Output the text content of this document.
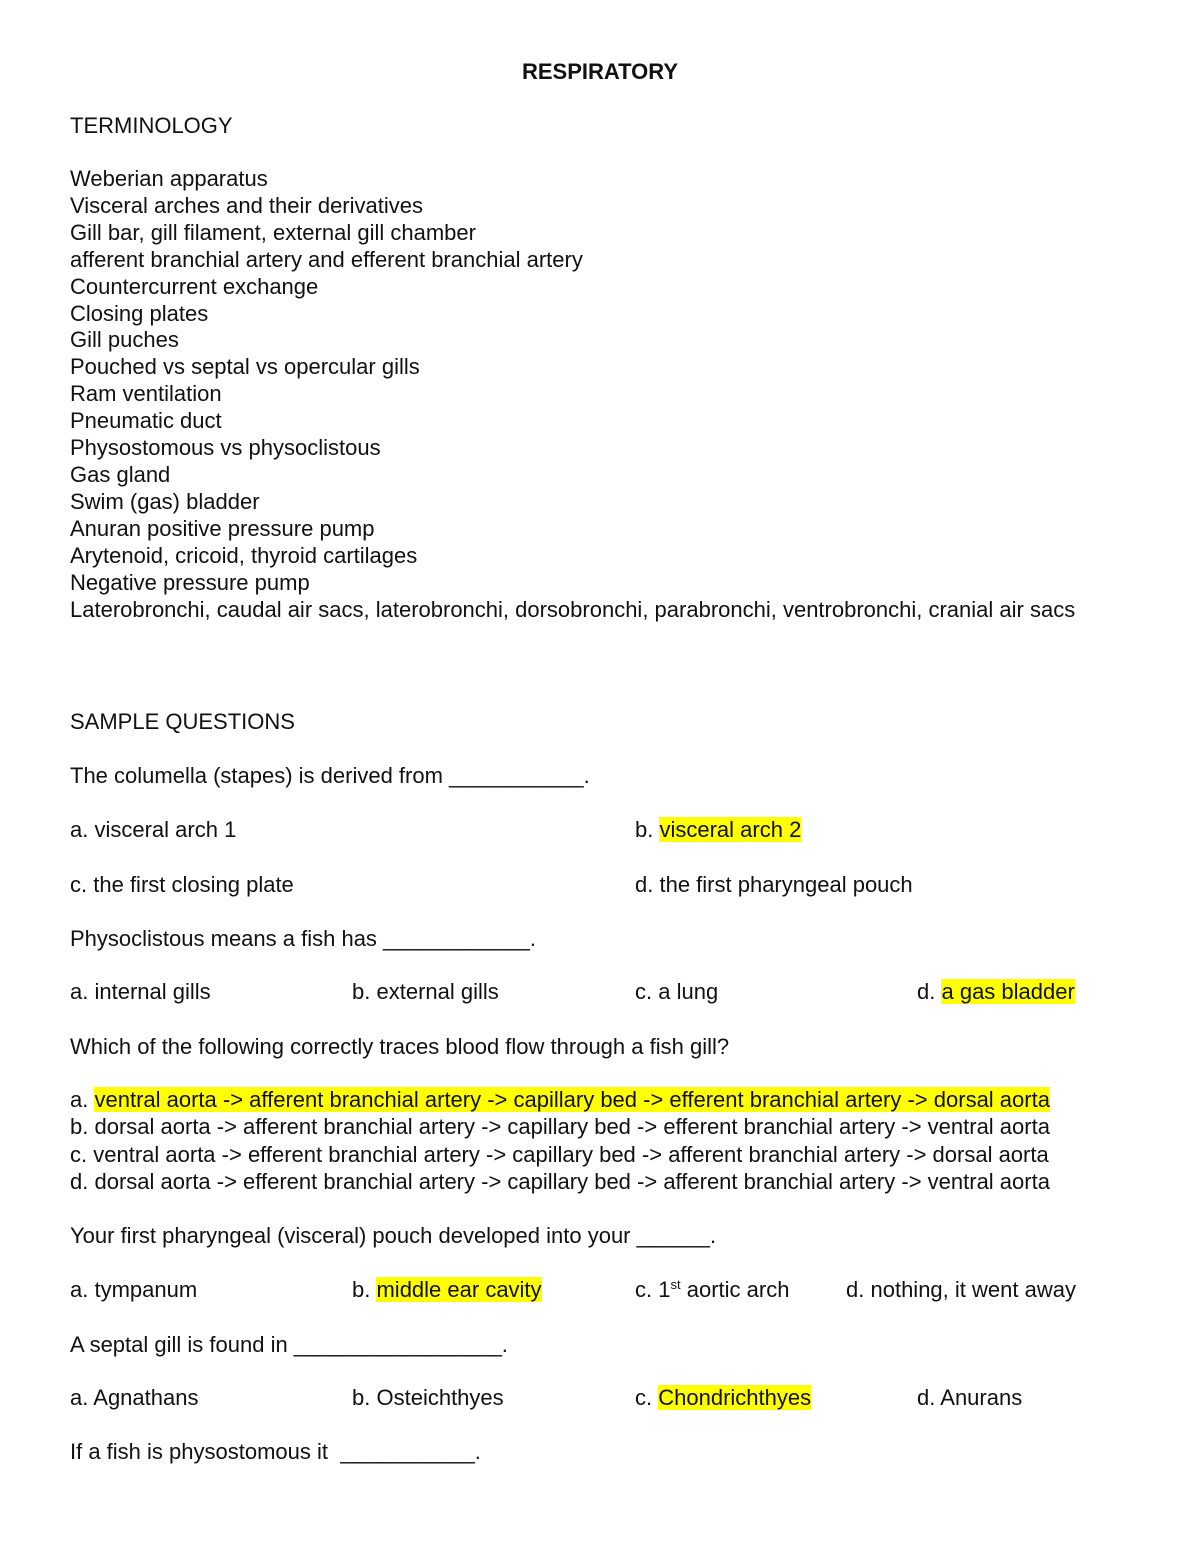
RESPIRATORY
TERMINOLOGY
Weberian apparatus
Visceral arches and their derivatives
Gill bar, gill filament, external gill chamber
afferent branchial artery and efferent branchial artery
Countercurrent exchange
Closing plates
Gill puches
Pouched vs septal vs opercular gills
Ram ventilation
Pneumatic duct
Physostomous vs physoclistous
Gas gland
Swim (gas) bladder
Anuran positive pressure pump
Arytenoid, cricoid, thyroid cartilages
Negative pressure pump
Laterobronchi, caudal air sacs, laterobronchi, dorsobronchi, parabronchi, ventrobronchi, cranial air sacs
SAMPLE QUESTIONS
The columella (stapes) is derived from ___________.
a. visceral arch 1	b. visceral arch 2
c. the first closing plate	d. the first pharyngeal pouch
Physoclistous means a fish has ____________.
a. internal gills	b. external gills	c. a lung	d. a gas bladder
Which of the following correctly traces blood flow through a fish gill?
a. ventral aorta -> afferent branchial artery -> capillary bed -> efferent branchial artery -> dorsal aorta
b. dorsal aorta -> afferent branchial artery -> capillary bed -> efferent branchial artery -> ventral aorta
c. ventral aorta -> efferent branchial artery -> capillary bed -> afferent branchial artery -> dorsal aorta
d. dorsal aorta -> efferent branchial artery -> capillary bed -> afferent branchial artery -> ventral aorta
Your first pharyngeal (visceral) pouch developed into your ______.
a. tympanum	b. middle ear cavity	c. 1st aortic arch	d. nothing, it went away
A septal gill is found in _________________.
a. Agnathans	b. Osteichthyes	c. Chondrichthyes	d. Anurans
If a fish is physostomous it  ___________.
